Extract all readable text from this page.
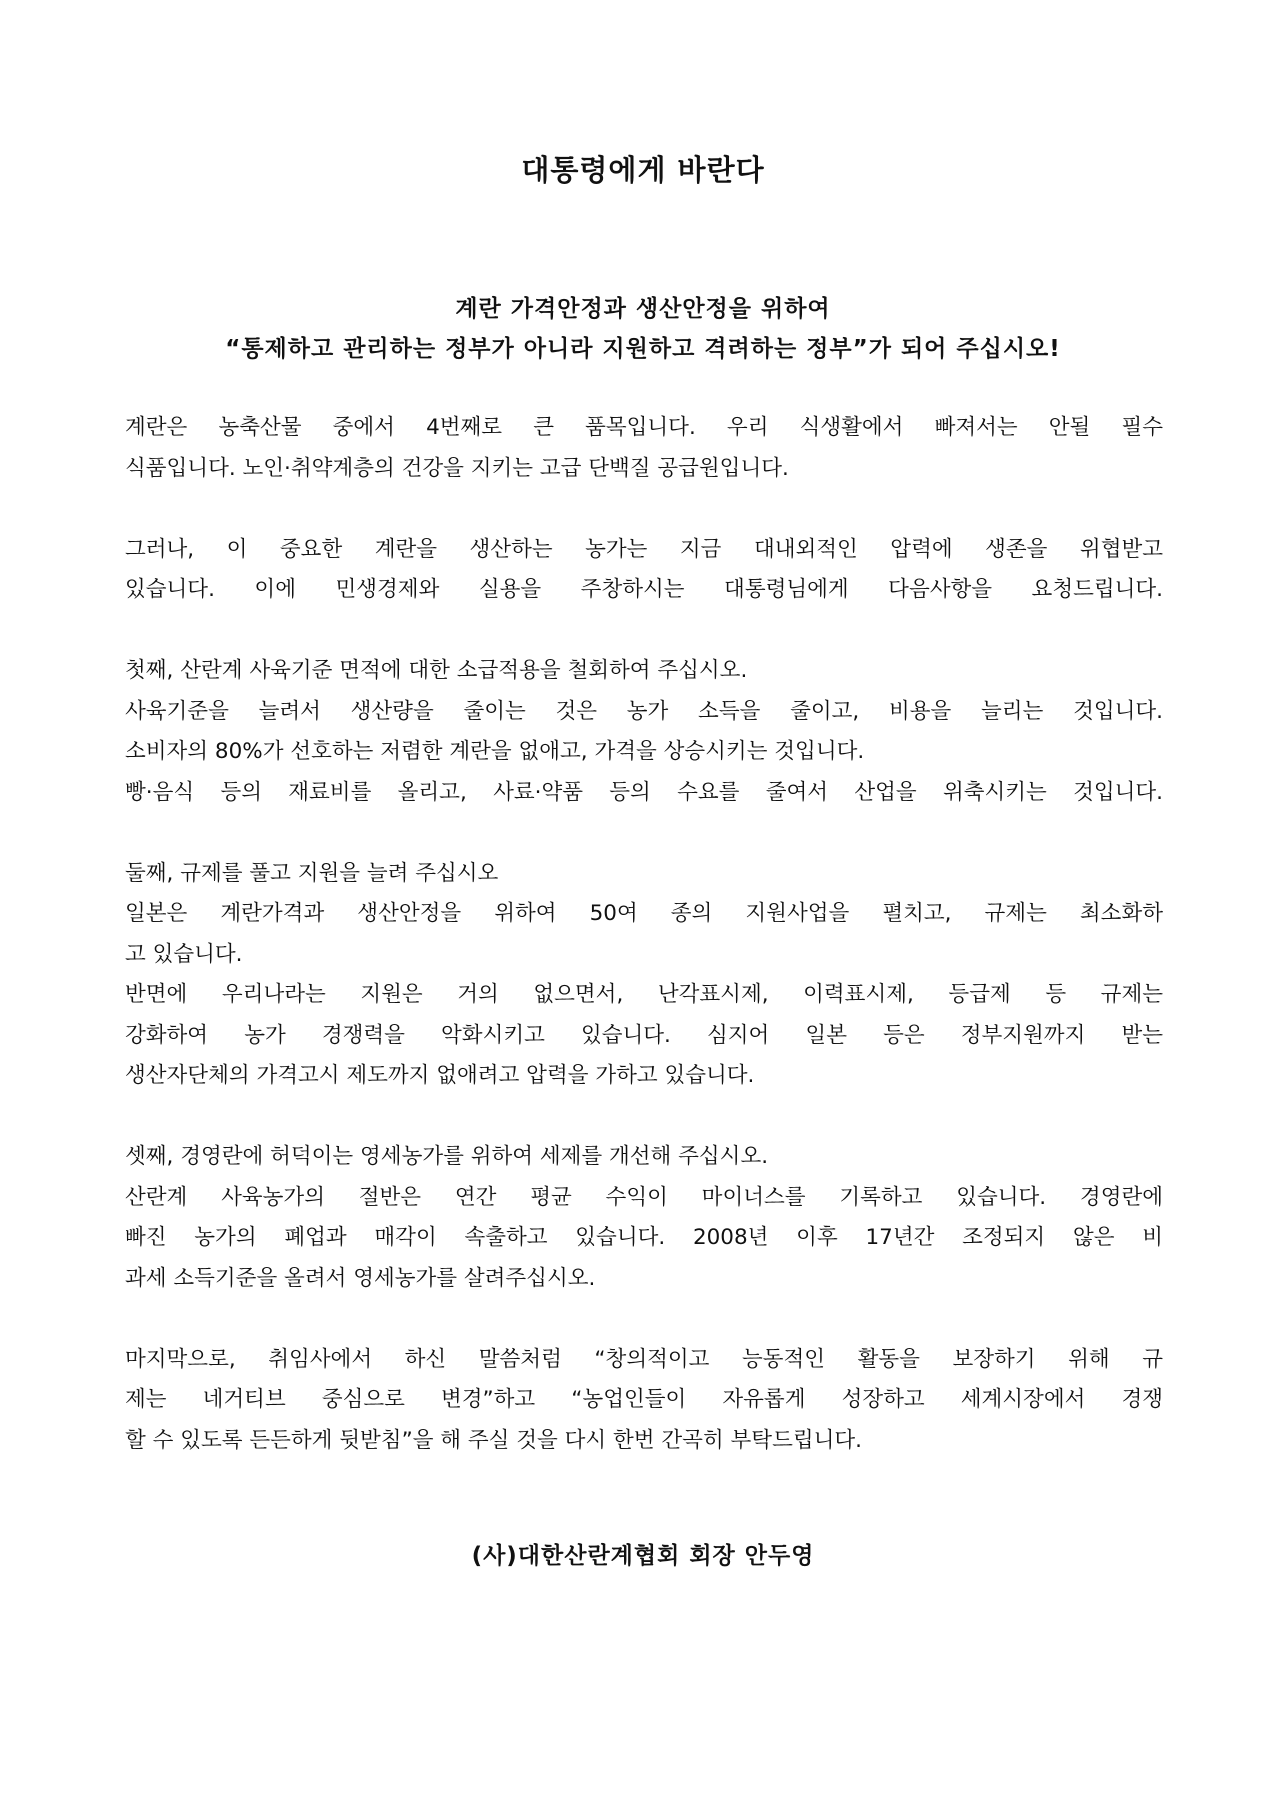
대통령에게 바란다
계란 가격안정과 생산안정을 위하여
“통제하고 관리하는 정부가 아니라 지원하고 격려하는 정부”가 되어 주십시오!

계란은 농축산물 중에서 4번째로 큰 품목입니다. 우리 식생활에서 빠져서는 안될 필수
식품입니다. 노인·취약계층의 건강을 지키는 고급 단백질 공급원입니다.

그러나, 이 중요한 계란을 생산하는 농가는 지금 대내외적인 압력에 생존을 위협받고
있습니다. 이에 민생경제와 실용을 주창하시는 대통령님에게 다음사항을 요청드립니다.

첫째, 산란계 사육기준 면적에 대한 소급적용을 철회하여 주십시오.
사육기준을 늘려서 생산량을 줄이는 것은 농가 소득을 줄이고, 비용을 늘리는 것입니다.
소비자의 80%가 선호하는 저렴한 계란을 없애고, 가격을 상승시키는 것입니다.
빵·음식 등의 재료비를 올리고, 사료·약품 등의 수요를 줄여서 산업을 위축시키는 것입니다.

둘째, 규제를 풀고 지원을 늘려 주십시오
일본은 계란가격과 생산안정을 위하여 50여 종의 지원사업을 펼치고, 규제는 최소화하
고 있습니다.
반면에 우리나라는 지원은 거의 없으면서, 난각표시제, 이력표시제, 등급제 등 규제는
강화하여 농가 경쟁력을 악화시키고 있습니다. 심지어 일본 등은 정부지원까지 받는
생산자단체의 가격고시 제도까지 없애려고 압력을 가하고 있습니다.

셋째, 경영란에 허덕이는 영세농가를 위하여 세제를 개선해 주십시오.
산란계 사육농가의 절반은 연간 평균 수익이 마이너스를 기록하고 있습니다. 경영란에
빠진 농가의 폐업과 매각이 속출하고 있습니다. 2008년 이후 17년간 조정되지 않은 비
과세 소득기준을 올려서 영세농가를 살려주십시오.

마지막으로, 취임사에서 하신 말씀처럼 “창의적이고 능동적인 활동을 보장하기 위해 규
제는 네거티브 중심으로 변경”하고 “농업인들이 자유롭게 성장하고 세계시장에서 경쟁
할 수 있도록 든든하게 뒷받침”을 해 주실 것을 다시 한번 간곡히 부탁드립니다.

(사)대한산란계협회 회장 안두영
